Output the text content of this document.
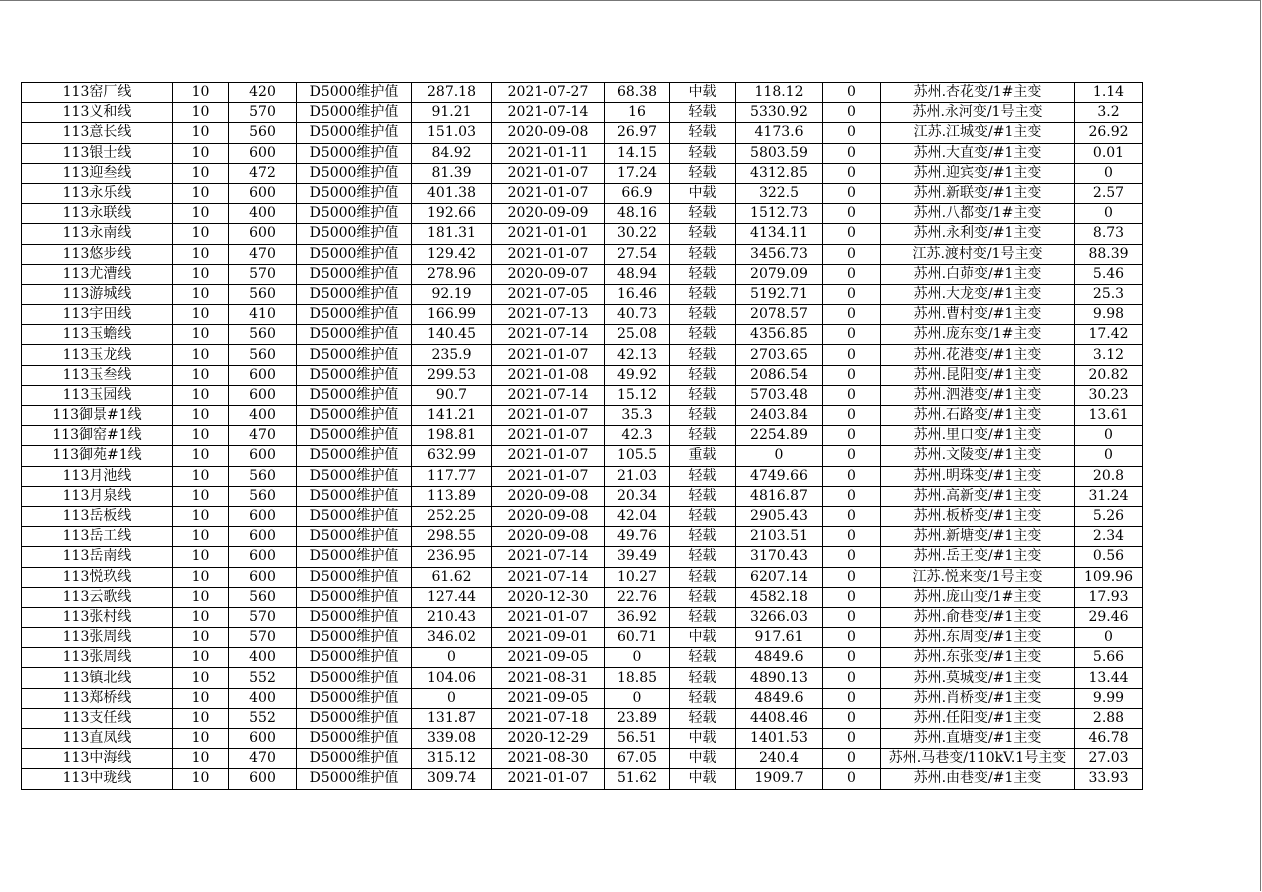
113窑厂线	10	420	D5000维护值	287.18	2021-07-27	68.38	中载	118.12	0	苏州.杏花变/1#主变	1.14
113义和线	10	570	D5000维护值	91.21	2021-07-14	16	轻载	5330.92	0	苏州.永河变/1号主变	3.2
113意长线	10	560	D5000维护值	151.03	2020-09-08	26.97	轻载	4173.6	0	江苏.江城变/#1主变	26.92
113银士线	10	600	D5000维护值	84.92	2021-01-11	14.15	轻载	5803.59	0	苏州.大直变/#1主变	0.01
113迎叁线	10	472	D5000维护值	81.39	2021-01-07	17.24	轻载	4312.85	0	苏州.迎宾变/#1主变	0
113永乐线	10	600	D5000维护值	401.38	2021-01-07	66.9	中载	322.5	0	苏州.新联变/#1主变	2.57
113永联线	10	400	D5000维护值	192.66	2020-09-09	48.16	轻载	1512.73	0	苏州.八都变/1#主变	0
113永南线	10	600	D5000维护值	181.31	2021-01-01	30.22	轻载	4134.11	0	苏州.永利变/#1主变	8.73
113悠步线	10	470	D5000维护值	129.42	2021-01-07	27.54	轻载	3456.73	0	江苏.渡村变/1号主变	88.39
113尤漕线	10	570	D5000维护值	278.96	2020-09-07	48.94	轻载	2079.09	0	苏州.白茆变/#1主变	5.46
113游城线	10	560	D5000维护值	92.19	2021-07-05	16.46	轻载	5192.71	0	苏州.大龙变/#1主变	25.3
113宇田线	10	410	D5000维护值	166.99	2021-07-13	40.73	轻载	2078.57	0	苏州.曹村变/#1主变	9.98
113玉蟾线	10	560	D5000维护值	140.45	2021-07-14	25.08	轻载	4356.85	0	苏州.庞东变/1#主变	17.42
113玉龙线	10	560	D5000维护值	235.9	2021-01-07	42.13	轻载	2703.65	0	苏州.花港变/#1主变	3.12
113玉叁线	10	600	D5000维护值	299.53	2021-01-08	49.92	轻载	2086.54	0	苏州.昆阳变/#1主变	20.82
113玉园线	10	600	D5000维护值	90.7	2021-07-14	15.12	轻载	5703.48	0	苏州.泗港变/#1主变	30.23
113御景#1线	10	400	D5000维护值	141.21	2021-01-07	35.3	轻载	2403.84	0	苏州.石路变/#1主变	13.61
113御窑#1线	10	470	D5000维护值	198.81	2021-01-07	42.3	轻载	2254.89	0	苏州.里口变/#1主变	0
113御苑#1线	10	600	D5000维护值	632.99	2021-01-07	105.5	重载	0	0	苏州.文陵变/#1主变	0
113月池线	10	560	D5000维护值	117.77	2021-01-07	21.03	轻载	4749.66	0	苏州.明珠变/#1主变	20.8
113月泉线	10	560	D5000维护值	113.89	2020-09-08	20.34	轻载	4816.87	0	苏州.高新变/#1主变	31.24
113岳板线	10	600	D5000维护值	252.25	2020-09-08	42.04	轻载	2905.43	0	苏州.板桥变/#1主变	5.26
113岳工线	10	600	D5000维护值	298.55	2020-09-08	49.76	轻载	2103.51	0	苏州.新塘变/#1主变	2.34
113岳南线	10	600	D5000维护值	236.95	2021-07-14	39.49	轻载	3170.43	0	苏州.岳王变/#1主变	0.56
113悦玖线	10	600	D5000维护值	61.62	2021-07-14	10.27	轻载	6207.14	0	江苏.悦来变/1号主变	109.96
113云歌线	10	560	D5000维护值	127.44	2020-12-30	22.76	轻载	4582.18	0	苏州.庞山变/1#主变	17.93
113张村线	10	570	D5000维护值	210.43	2021-01-07	36.92	轻载	3266.03	0	苏州.俞巷变/#1主变	29.46
113张周线	10	570	D5000维护值	346.02	2021-09-01	60.71	中载	917.61	0	苏州.东周变/#1主变	0
113张周线	10	400	D5000维护值	0	2021-09-05	0	轻载	4849.6	0	苏州.东张变/#1主变	5.66
113镇北线	10	552	D5000维护值	104.06	2021-08-31	18.85	轻载	4890.13	0	苏州.莫城变/#1主变	13.44
113郑桥线	10	400	D5000维护值	0	2021-09-05	0	轻载	4849.6	0	苏州.肖桥变/#1主变	9.99
113支任线	10	552	D5000维护值	131.87	2021-07-18	23.89	轻载	4408.46	0	苏州.任阳变/#1主变	2.88
113直凤线	10	600	D5000维护值	339.08	2020-12-29	56.51	中载	1401.53	0	苏州.直塘变/#1主变	46.78
113中海线	10	470	D5000维护值	315.12	2021-08-30	67.05	中载	240.4	0	苏州.马巷变/110kV.1号主变	27.03
113中珑线	10	600	D5000维护值	309.74	2021-01-07	51.62	中载	1909.7	0	苏州.由巷变/#1主变	33.93
